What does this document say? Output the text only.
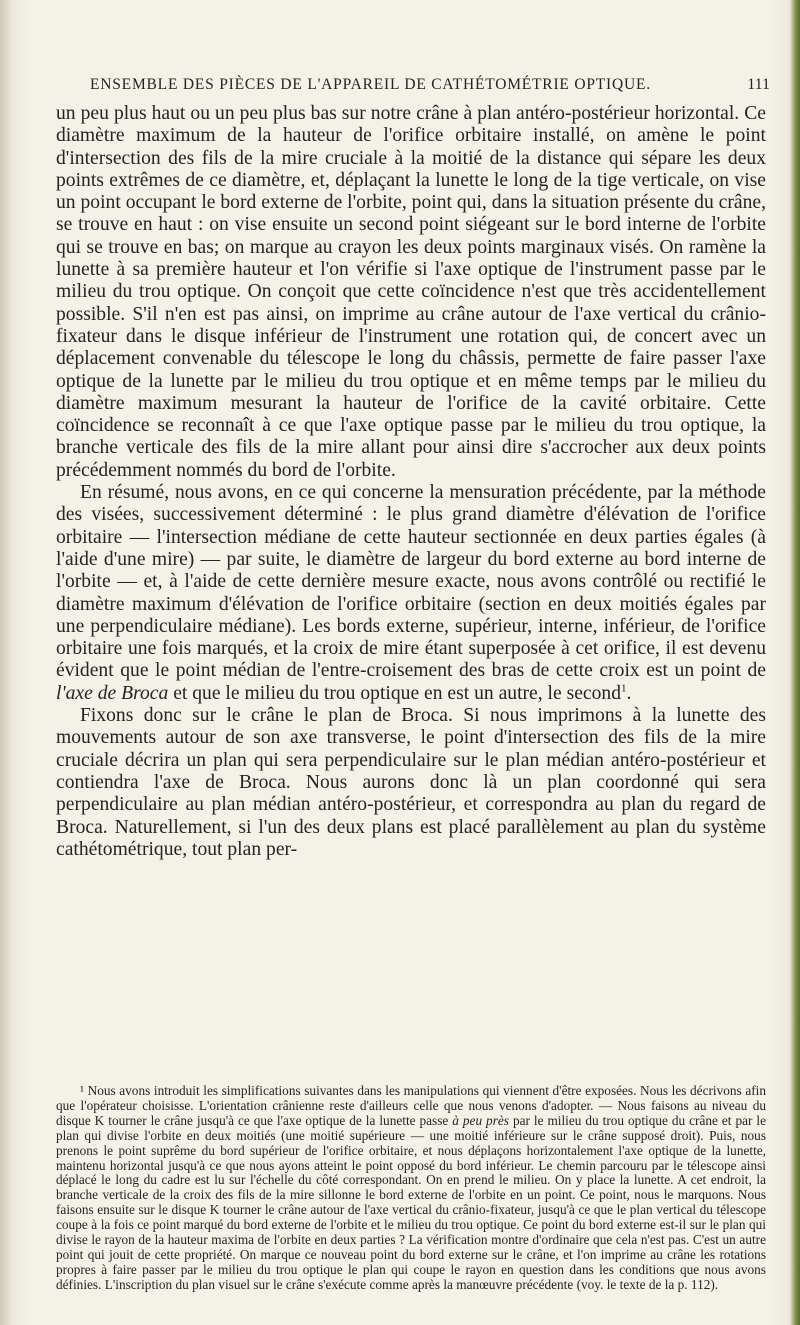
ENSEMBLE DES PIÈCES DE L'APPAREIL DE CATHÉTOMÉTRIE OPTIQUE.	111

un peu plus haut ou un peu plus bas sur notre crâne à plan antéro-postérieur horizontal. Ce diamètre maximum de la hauteur de l'orifice orbitaire installé, on amène le point d'intersection des fils de la mire cruciale à la moitié de la distance qui sépare les deux points extrêmes de ce diamètre, et, déplaçant la lunette le long de la tige verticale, on vise un point occupant le bord externe de l'orbite, point qui, dans la situation présente du crâne, se trouve en haut : on vise ensuite un second point siégeant sur le bord interne de l'orbite qui se trouve en bas; on marque au crayon les deux points marginaux visés. On ramène la lunette à sa première hauteur et l'on vérifie si l'axe optique de l'instrument passe par le milieu du trou optique. On conçoit que cette coïncidence n'est que très accidentellement possible. S'il n'en est pas ainsi, on imprime au crâne autour de l'axe vertical du crânio-fixateur dans le disque inférieur de l'instrument une rotation qui, de concert avec un déplacement convenable du télescope le long du châssis, permette de faire passer l'axe optique de la lunette par le milieu du trou optique et en même temps par le milieu du diamètre maximum mesurant la hauteur de l'orifice de la cavité orbitaire. Cette coïncidence se reconnaît à ce que l'axe optique passe par le milieu du trou optique, la branche verticale des fils de la mire allant pour ainsi dire s'accrocher aux deux points précédemment nommés du bord de l'orbite.

En résumé, nous avons, en ce qui concerne la mensuration précédente, par la méthode des visées, successivement déterminé : le plus grand diamètre d'élévation de l'orifice orbitaire — l'intersection médiane de cette hauteur sectionnée en deux parties égales (à l'aide d'une mire) — par suite, le diamètre de largeur du bord externe au bord interne de l'orbite — et, à l'aide de cette dernière mesure exacte, nous avons contrôlé ou rectifié le diamètre maximum d'élévation de l'orifice orbitaire (section en deux moitiés égales par une perpendiculaire médiane). Les bords externe, supérieur, interne, inférieur, de l'orifice orbitaire une fois marqués, et la croix de mire étant superposée à cet orifice, il est devenu évident que le point médian de l'entre-croisement des bras de cette croix est un point de l'axe de Broca et que le milieu du trou optique en est un autre, le second$^1$.

Fixons donc sur le crâne le plan de Broca. Si nous imprimons à la lunette des mouvements autour de son axe transverse, le point d'intersection des fils de la mire cruciale décrira un plan qui sera perpendiculaire sur le plan médian antéro-postérieur et contiendra l'axe de Broca. Nous aurons donc là un plan coordonné qui sera perpendiculaire au plan médian antéro-postérieur, et correspondra au plan du regard de Broca. Naturellement, si l'un des deux plans est placé parallèlement au plan du système cathétométrique, tout plan per-

¹ Nous avons introduit les simplifications suivantes dans les manipulations qui viennent d'être exposées. Nous les décrivons afin que l'opérateur choisisse. L'orientation crânienne reste d'ailleurs celle que nous venons d'adopter. — Nous faisons au niveau du disque K tourner le crâne jusqu'à ce que l'axe optique de la lunette passe à peu près par le milieu du trou optique du crâne et par le plan qui divise l'orbite en deux moitiés (une moitié supérieure — une moitié inférieure sur le crâne supposé droit). Puis, nous prenons le point suprême du bord supérieur de l'orifice orbitaire, et nous déplaçons horizontalement l'axe optique de la lunette, maintenu horizontal jusqu'à ce que nous ayons atteint le point opposé du bord inférieur. Le chemin parcouru par le télescope ainsi déplacé le long du cadre est lu sur l'échelle du côté correspondant. On en prend le milieu. On y place la lunette. A cet endroit, la branche verticale de la croix des fils de la mire sillonne le bord externe de l'orbite en un point. Ce point, nous le marquons. Nous faisons ensuite sur le disque K tourner le crâne autour de l'axe vertical du crânio-fixateur, jusqu'à ce que le plan vertical du télescope coupe à la fois ce point marqué du bord externe de l'orbite et le milieu du trou optique. Ce point du bord externe est-il sur le plan qui divise le rayon de la hauteur maxima de l'orbite en deux parties ? La vérification montre d'ordinaire que cela n'est pas. C'est un autre point qui jouit de cette propriété. On marque ce nouveau point du bord externe sur le crâne, et l'on imprime au crâne les rotations propres à faire passer par le milieu du trou optique le plan qui coupe le rayon en question dans les conditions que nous avons définies. L'inscription du plan visuel sur le crâne s'exécute comme après la manœuvre précédente (voy. le texte de la p. 112).
